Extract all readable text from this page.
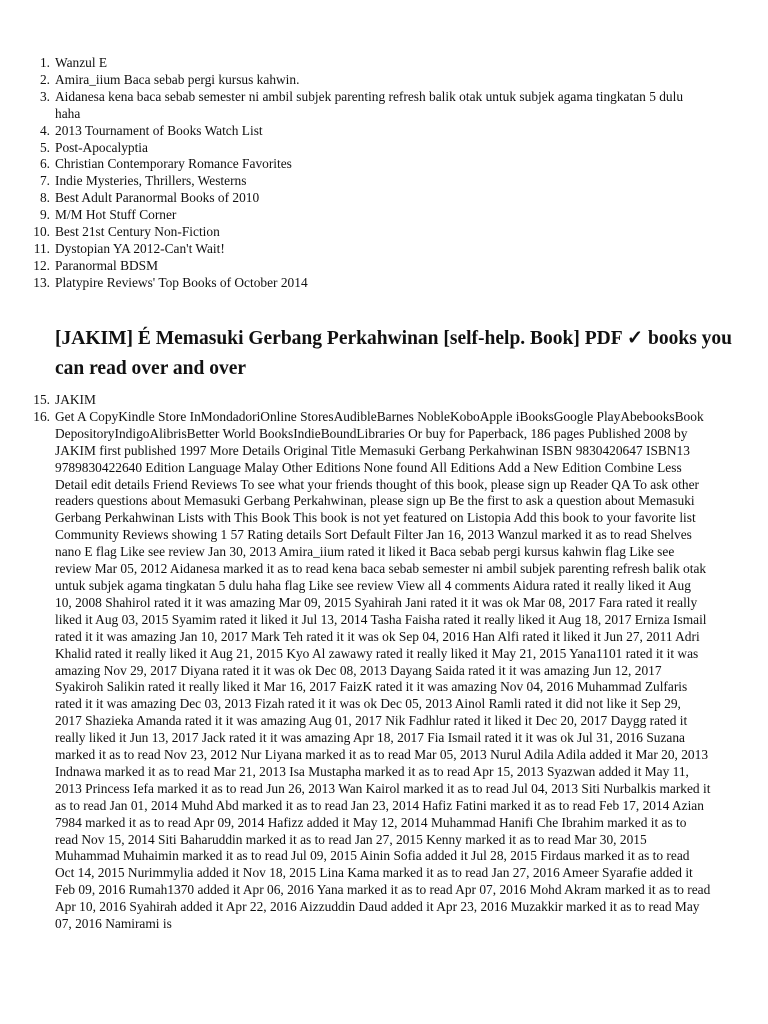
1. Wanzul E
2. Amira_iium Baca sebab pergi kursus kahwin.
3. Aidanesa kena baca sebab semester ni ambil subjek parenting refresh balik otak untuk subjek agama tingkatan 5 dulu haha
4. 2013 Tournament of Books Watch List
5. Post-Apocalyptia
6. Christian Contemporary Romance Favorites
7. Indie Mysteries, Thrillers, Westerns
8. Best Adult Paranormal Books of 2010
9. M/M Hot Stuff Corner
10. Best 21st Century Non-Fiction
11. Dystopian YA 2012-Can't Wait!
12. Paranormal BDSM
13. Platypire Reviews' Top Books of October 2014
[JAKIM] É Memasuki Gerbang Perkahwinan [self-help. Book] PDF ✓ books you can read over and over
15. JAKIM
16. Get A CopyKindle Store InMondadoriOnline StoresAudibleBarnes NobleKoboApple iBooksGoogle PlayAbebooksBook DepositoryIndigoAlibrisBetter World BooksIndieBoundLibraries Or buy for Paperback, 186 pages Published 2008 by JAKIM first published 1997 More Details Original Title Memasuki Gerbang Perkahwinan ISBN 9830420647 ISBN13 9789830422640 Edition Language Malay Other Editions None found All Editions Add a New Edition Combine Less Detail edit details Friend Reviews To see what your friends thought of this book, please sign up Reader QA To ask other readers questions about Memasuki Gerbang Perkahwinan, please sign up Be the first to ask a question about Memasuki Gerbang Perkahwinan Lists with This Book This book is not yet featured on Listopia Add this book to your favorite list Community Reviews showing 1 57 Rating details Sort Default Filter Jan 16, 2013 Wanzul marked it as to read Shelves nano E flag Like see review Jan 30, 2013 Amira_iium rated it liked it Baca sebab pergi kursus kahwin flag Like see review Mar 05, 2012 Aidanesa marked it as to read kena baca sebab semester ni ambil subjek parenting refresh balik otak untuk subjek agama tingkatan 5 dulu haha flag Like see review View all 4 comments Aidura rated it really liked it Aug 10, 2008 Shahirol rated it it was amazing Mar 09, 2015 Syahirah Jani rated it it was ok Mar 08, 2017 Fara rated it really liked it Aug 03, 2015 Syamim rated it liked it Jul 13, 2014 Tasha Faisha rated it really liked it Aug 18, 2017 Erniza Ismail rated it it was amazing Jan 10, 2017 Mark Teh rated it it was ok Sep 04, 2016 Han Alfi rated it liked it Jun 27, 2011 Adri Khalid rated it really liked it Aug 21, 2015 Kyo Al zawawy rated it really liked it May 21, 2015 Yana1101 rated it it was amazing Nov 29, 2017 Diyana rated it it was ok Dec 08, 2013 Dayang Saida rated it it was amazing Jun 12, 2017 Syakiroh Salikin rated it really liked it Mar 16, 2017 FaizK rated it it was amazing Nov 04, 2016 Muhammad Zulfaris rated it it was amazing Dec 03, 2013 Fizah rated it it was ok Dec 05, 2013 Ainol Ramli rated it did not like it Sep 29, 2017 Shazieka Amanda rated it it was amazing Aug 01, 2017 Nik Fadhlur rated it liked it Dec 20, 2017 Daygg rated it really liked it Jun 13, 2017 Jack rated it it was amazing Apr 18, 2017 Fia Ismail rated it it was ok Jul 31, 2016 Suzana marked it as to read Nov 23, 2012 Nur Liyana marked it as to read Mar 05, 2013 Nurul Adila Adila added it Mar 20, 2013 Indnawa marked it as to read Mar 21, 2013 Isa Mustapha marked it as to read Apr 15, 2013 Syazwan added it May 11, 2013 Princess Iefa marked it as to read Jun 26, 2013 Wan Kairol marked it as to read Jul 04, 2013 Siti Nurbalkis marked it as to read Jan 01, 2014 Muhd Abd marked it as to read Jan 23, 2014 Hafiz Fatini marked it as to read Feb 17, 2014 Azian 7984 marked it as to read Apr 09, 2014 Hafizz added it May 12, 2014 Muhammad Hanifi Che Ibrahim marked it as to read Nov 15, 2014 Siti Baharuddin marked it as to read Jan 27, 2015 Kenny marked it as to read Mar 30, 2015 Muhammad Muhaimin marked it as to read Jul 09, 2015 Ainin Sofia added it Jul 28, 2015 Firdaus marked it as to read Oct 14, 2015 Nurimmylia added it Nov 18, 2015 Lina Kama marked it as to read Jan 27, 2016 Ameer Syarafie added it Feb 09, 2016 Rumah1370 added it Apr 06, 2016 Yana marked it as to read Apr 07, 2016 Mohd Akram marked it as to read Apr 10, 2016 Syahirah added it Apr 22, 2016 Aizzuddin Daud added it Apr 23, 2016 Muzakkir marked it as to read May 07, 2016 Namirami is
